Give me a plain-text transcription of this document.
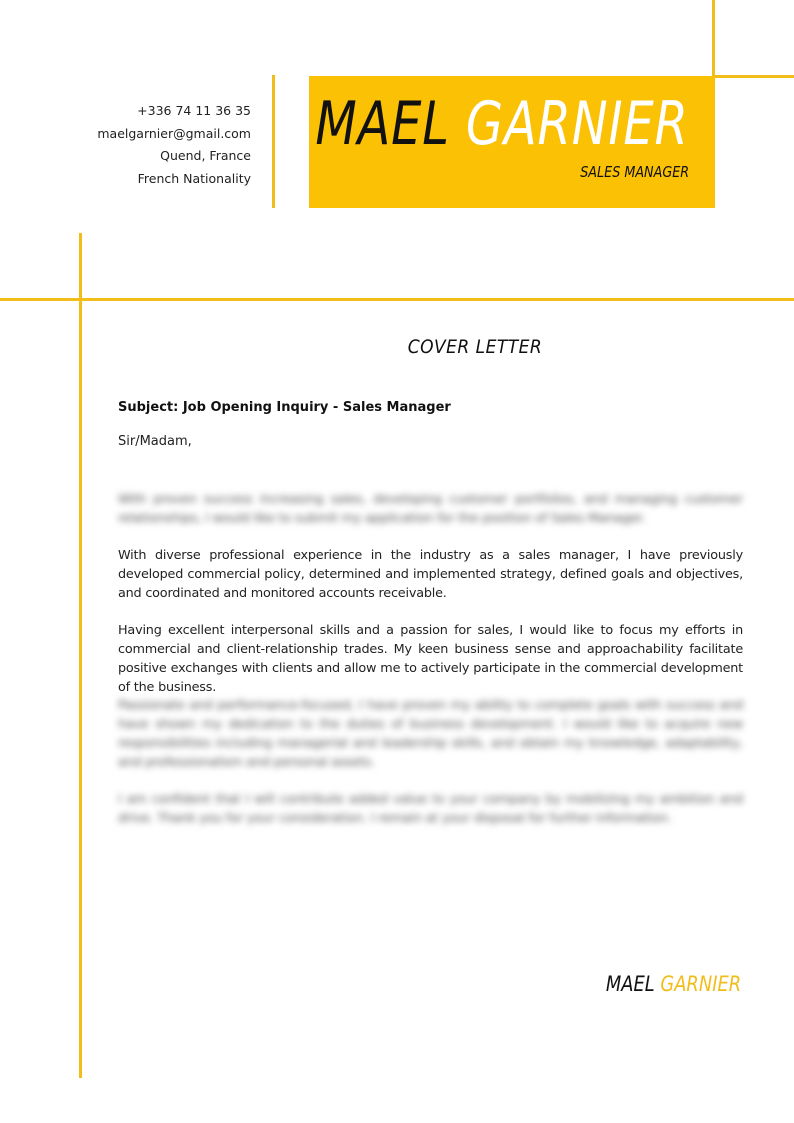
+336 74 11 36 35
maelgarnier@gmail.com
Quend, France
French Nationality
MAEL GARNIER
SALES MANAGER
COVER LETTER
Subject: Job Opening Inquiry - Sales Manager
Sir/Madam,

With proven success increasing sales, developing customer portfolios, and managing customer relationships, I would like to submit my application for the position of Sales Manager.

With diverse professional experience in the industry as a sales manager, I have previously developed commercial policy, determined and implemented strategy, defined goals and objectives, and coordinated and monitored accounts receivable.

Having excellent interpersonal skills and a passion for sales, I would like to focus my efforts in commercial and client-relationship trades. My keen business sense and approachability facilitate positive exchanges with clients and allow me to actively participate in the commercial development of the business.

Passionate and performance-focused, I have proven my ability to complete goals with success and have shown my dedication to the duties of business development. I would like to acquire new responsibilities including managerial and leadership skills, and obtain my knowledge, adaptability, and professionalism and personal assets.

I am confident that I will contribute added value to your company by mobilizing my ambition and drive. Thank you for your consideration. I remain at your disposal for further information.

MAEL GARNIER
